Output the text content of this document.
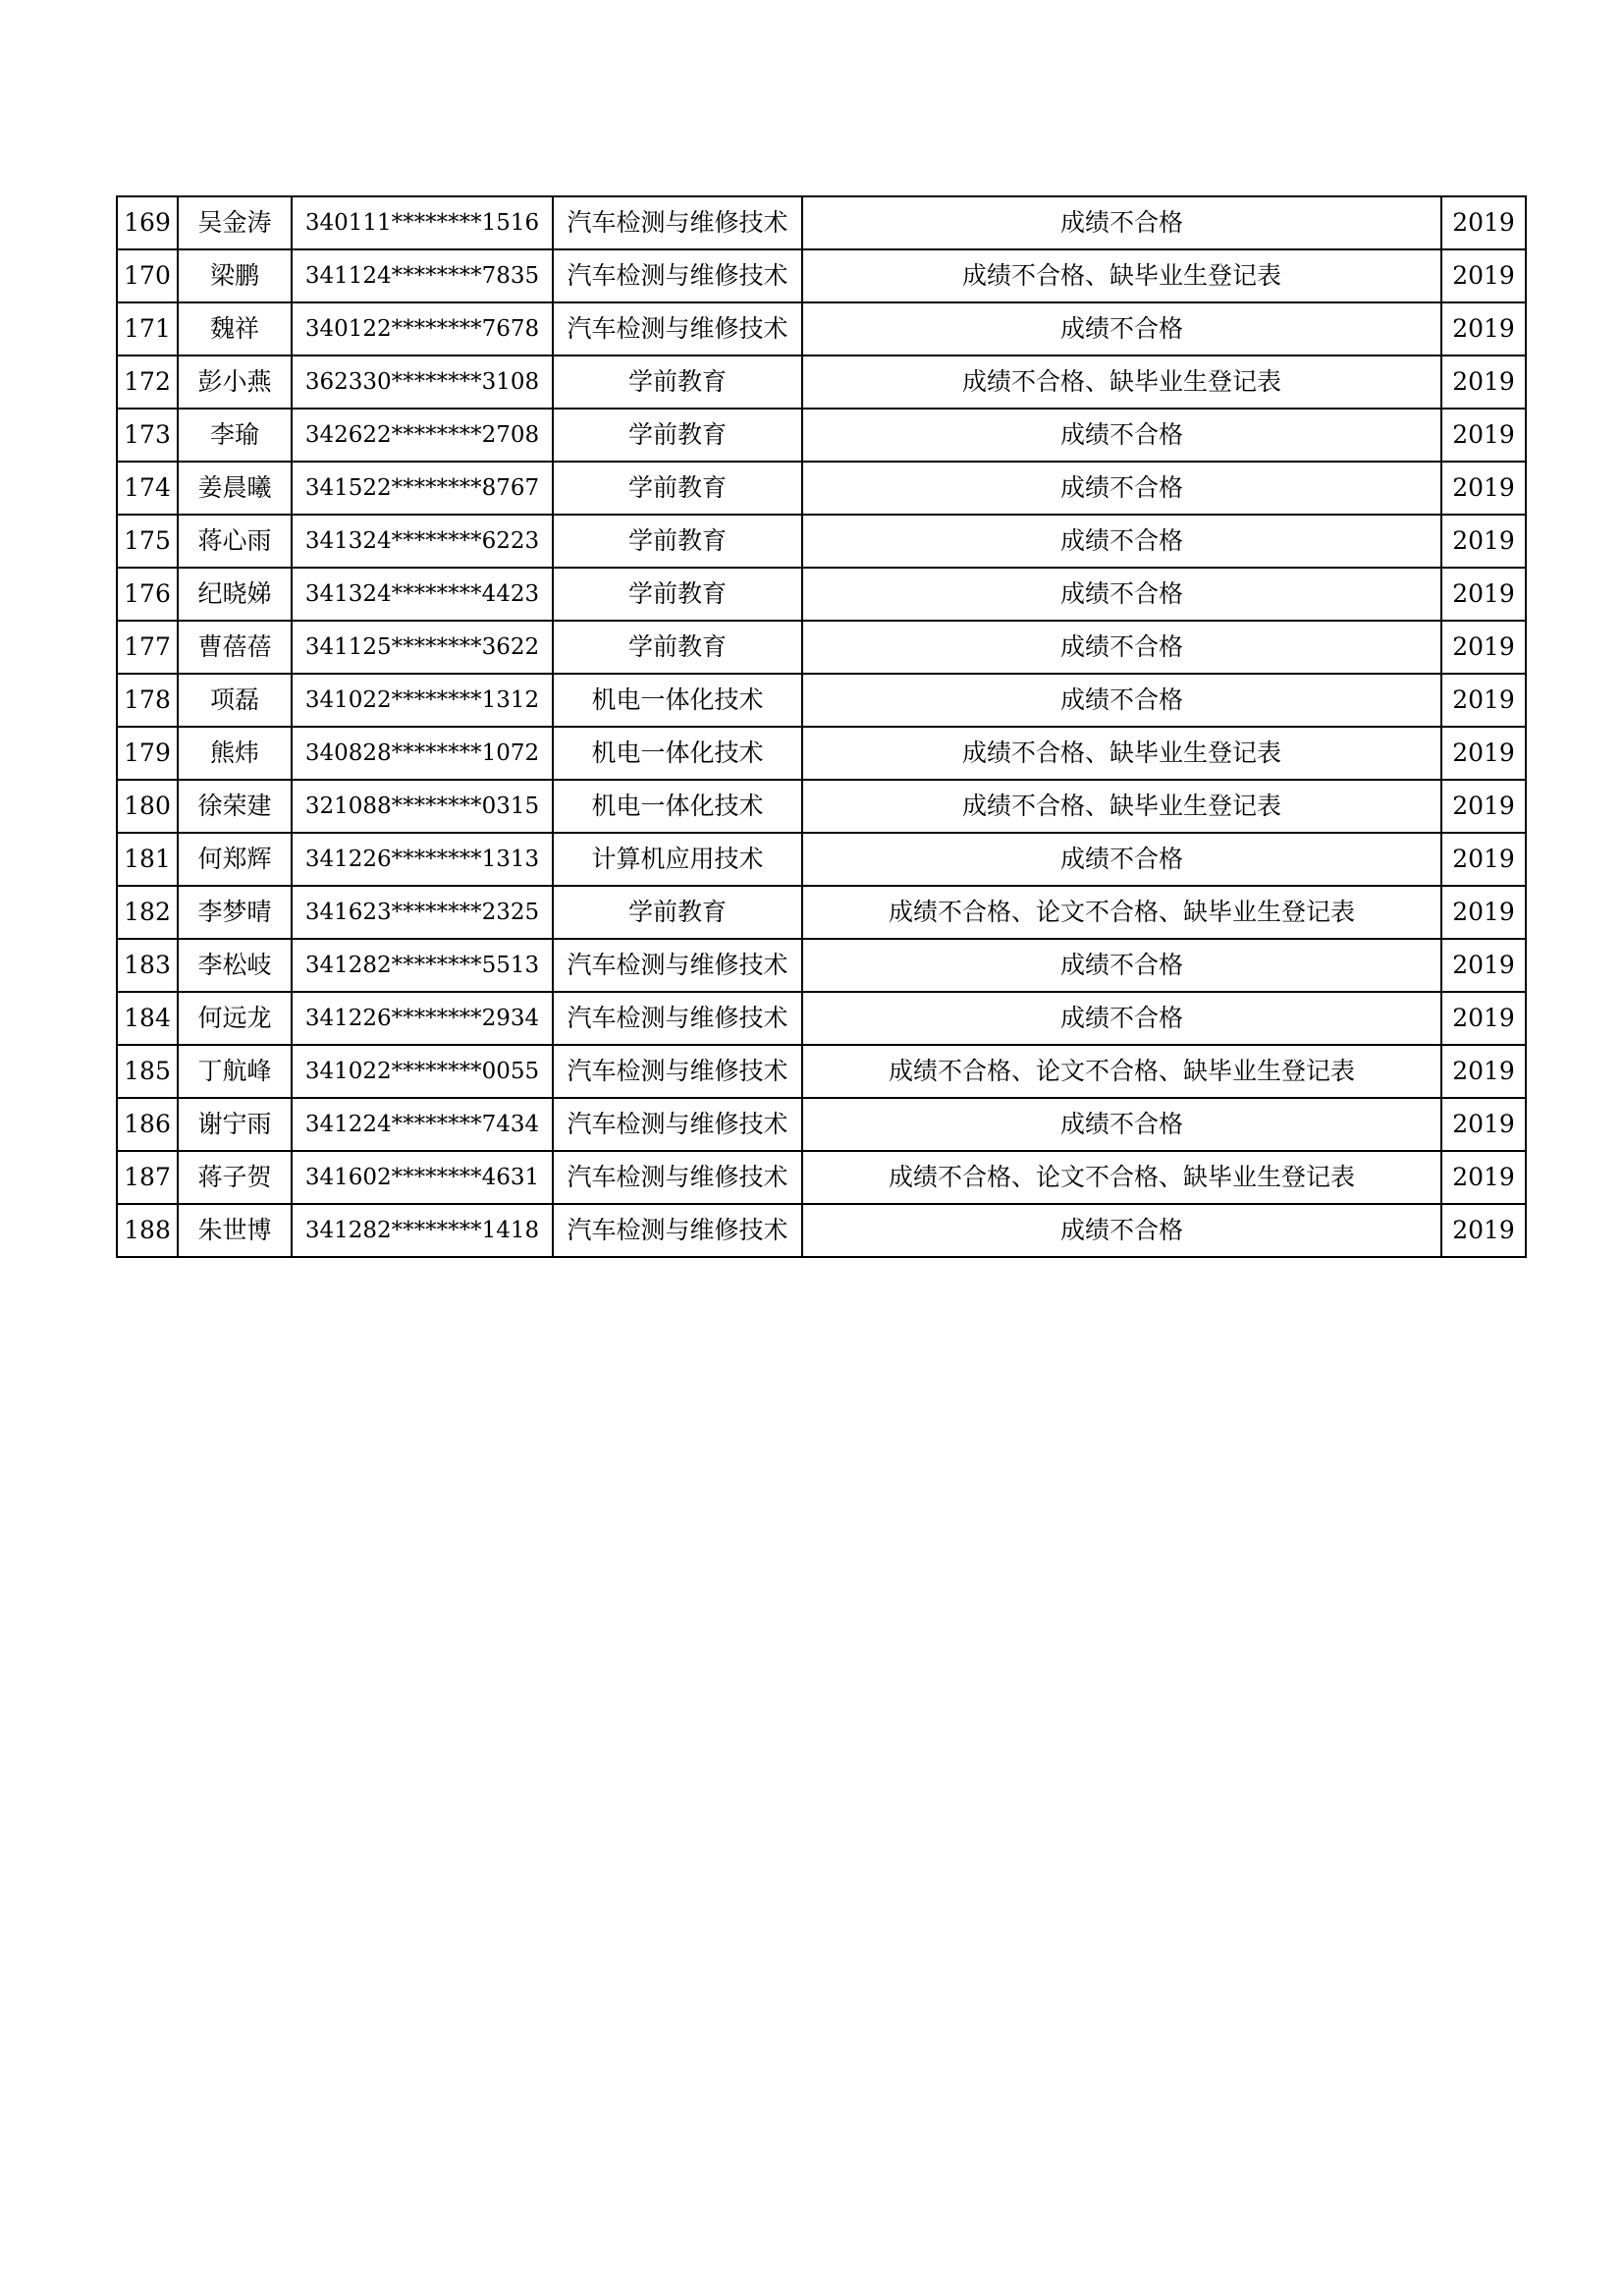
169	吴金涛	340111********1516	汽车检测与维修技术	成绩不合格	2019
170	梁鹏	341124********7835	汽车检测与维修技术	成绩不合格、缺毕业生登记表	2019
171	魏祥	340122********7678	汽车检测与维修技术	成绩不合格	2019
172	彭小燕	362330********3108	学前教育	成绩不合格、缺毕业生登记表	2019
173	李瑜	342622********2708	学前教育	成绩不合格	2019
174	姜晨曦	341522********8767	学前教育	成绩不合格	2019
175	蒋心雨	341324********6223	学前教育	成绩不合格	2019
176	纪晓娣	341324********4423	学前教育	成绩不合格	2019
177	曹蓓蓓	341125********3622	学前教育	成绩不合格	2019
178	项磊	341022********1312	机电一体化技术	成绩不合格	2019
179	熊炜	340828********1072	机电一体化技术	成绩不合格、缺毕业生登记表	2019
180	徐荣建	321088********0315	机电一体化技术	成绩不合格、缺毕业生登记表	2019
181	何郑辉	341226********1313	计算机应用技术	成绩不合格	2019
182	李梦晴	341623********2325	学前教育	成绩不合格、论文不合格、缺毕业生登记表	2019
183	李松岐	341282********5513	汽车检测与维修技术	成绩不合格	2019
184	何远龙	341226********2934	汽车检测与维修技术	成绩不合格	2019
185	丁航峰	341022********0055	汽车检测与维修技术	成绩不合格、论文不合格、缺毕业生登记表	2019
186	谢宁雨	341224********7434	汽车检测与维修技术	成绩不合格	2019
187	蒋子贺	341602********4631	汽车检测与维修技术	成绩不合格、论文不合格、缺毕业生登记表	2019
188	朱世博	341282********1418	汽车检测与维修技术	成绩不合格	2019
